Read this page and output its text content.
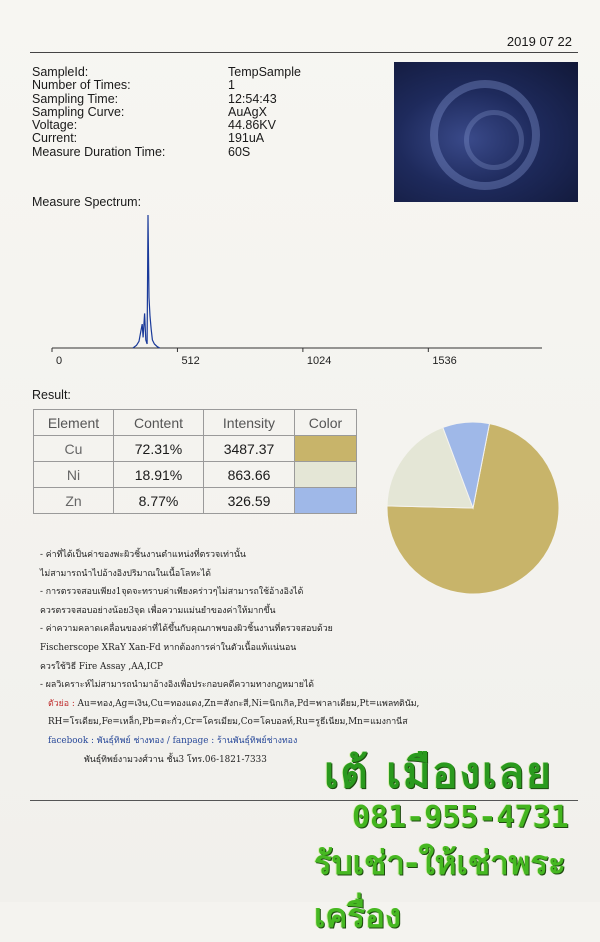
2019 07 22
SampleId:	TempSample
Number of Times:	1
Sampling Time:	12:54:43
Sampling Curve:	AuAgX
Voltage:	44.86KV
Current:	191uA
Measure Duration Time:	60S
Measure Spectrum:
0	512	1024	1536
Result:
Element	Content	Intensity	Color
Cu	72.31%	3487.37	
Ni	18.91%	863.66	
Zn	8.77%	326.59	
- ค่าที่ได้เป็นค่าของพะผิวชิ้นงานตำแหน่งที่ตรวจเท่านั้น
ไม่สามารถนำไปอ้างอิงปริมาณในเนื้อโลหะได้
- การตรวจสอบเพียง1จุดจะทราบค่าเพียงคร่าวๆไม่สามารถใช้อ้างอิงได้
ควรตรวจสอบอย่างน้อย3จุด เพื่อความแม่นยำของค่าให้มากขึ้น
- ค่าความคลาดเคลื่อนของค่าที่ได้ขึ้นกับคุณภาพของผิวชิ้นงานที่ตรวจสอบด้วย
Fischerscope XRaY Xan-Fd หากต้องการค่าในตัวเนื้อแท้แน่นอน
ควรใช้วิธี Fire Assay ,AA,ICP
- ผลวิเคราะห์ไม่สามารถนำมาอ้างอิงเพื่อประกอบคดีความทางกฎหมายได้
ตัวย่อ : Au=ทอง,Ag=เงิน,Cu=ทองแดง,Zn=สังกะสี,Ni=นิกเกิล,Pd=พาลาเดียม,Pt=แพลทตินัม,
RH=โรเดียม,Fe=เหล็ก,Pb=ตะกั่ว,Cr=โครเมียม,Co=โคบอลท์,Ru=รูธีเนียม,Mn=แมงกานีส
facebook : พันธุ์ทิพย์ ช่างทอง / fanpage : ร้านพันธุ์ทิพย์ช่างทอง
พันธุ์ทิพย์งามวงศ์วาน ชั้น3 โทร.06-1821-7333	เต้ เมืองเลย
081-955-4731
รับเช่า-ให้เช่าพระเครื่อง
